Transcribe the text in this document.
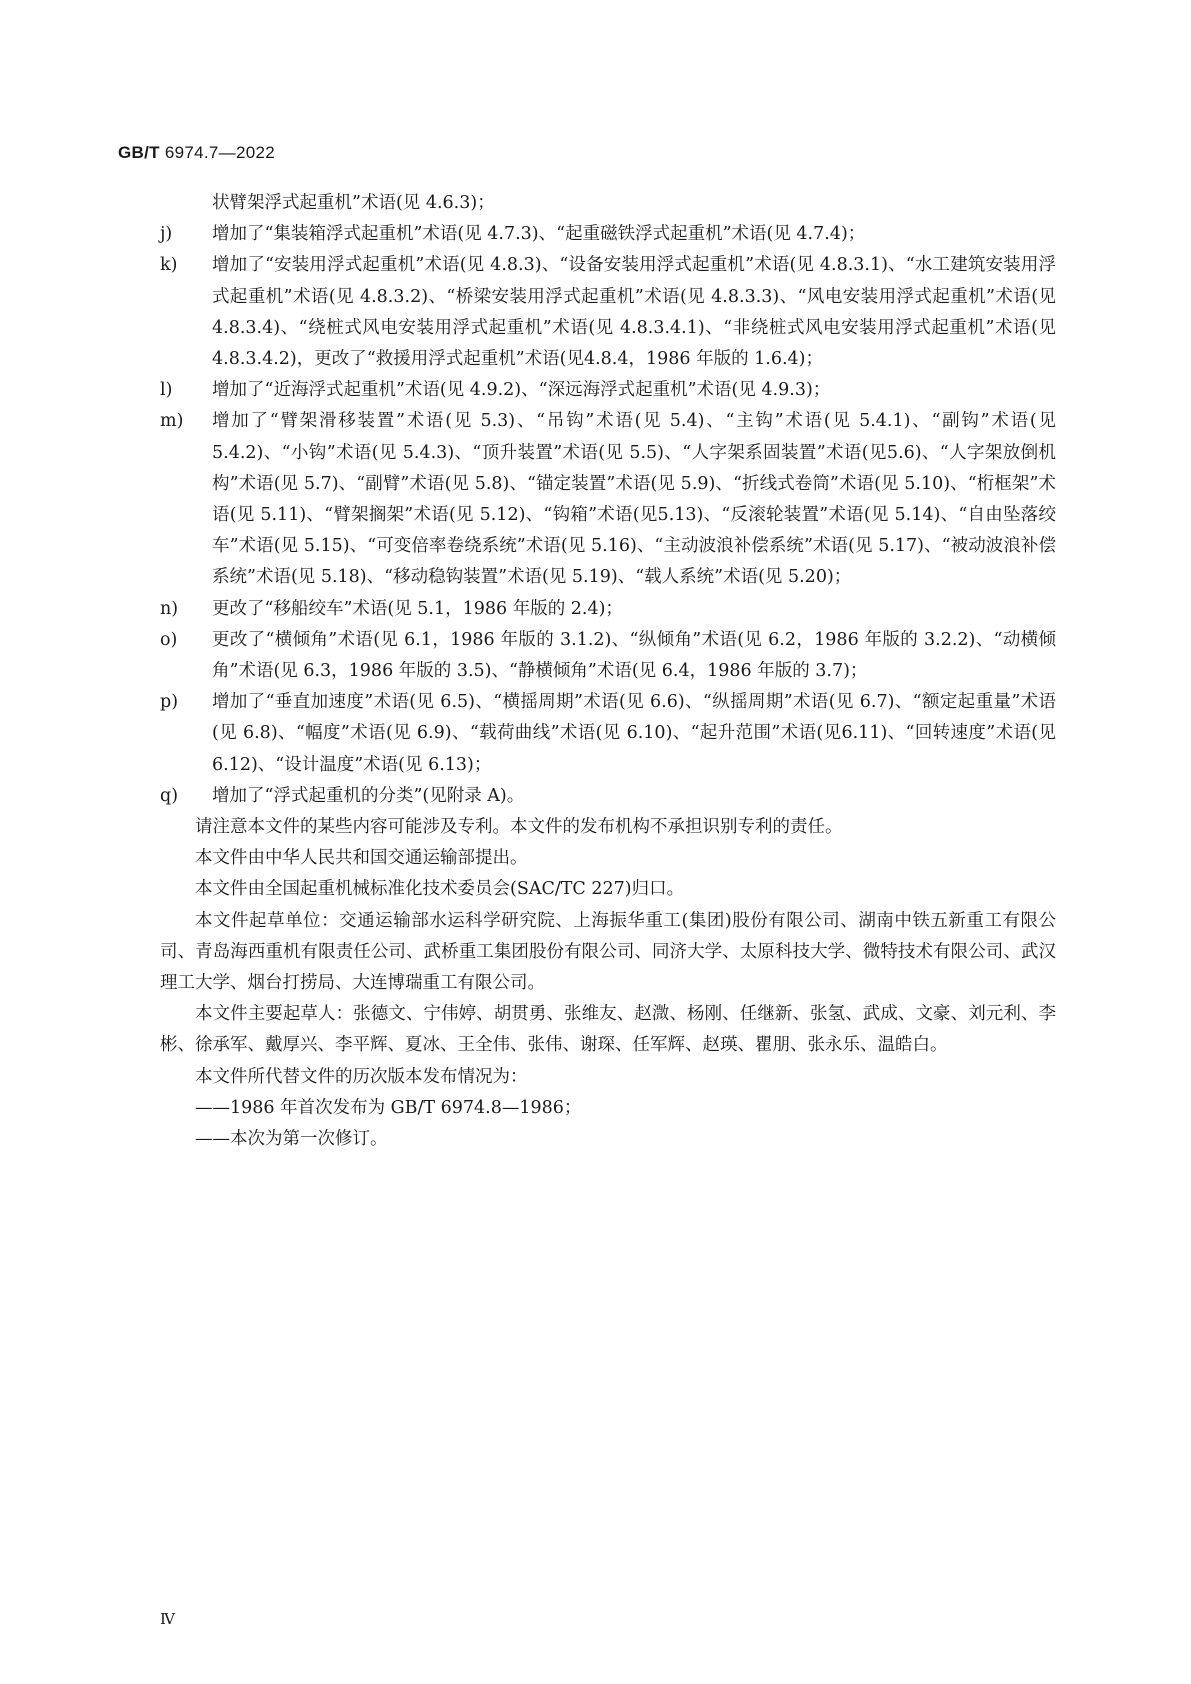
GB/T 6974.7—2022
状臂架浮式起重机”术语(见 4.6.3)；
j) 增加了“集装箱浮式起重机”术语(见 4.7.3)、“起重磁铁浮式起重机”术语(见 4.7.4)；
k) 增加了“安装用浮式起重机”术语(见 4.8.3)、“设备安装用浮式起重机”术语(见 4.8.3.1)、“水工建筑安装用浮式起重机”术语(见 4.8.3.2)、“桥梁安装用浮式起重机”术语(见 4.8.3.3)、“风电安装用浮式起重机”术语(见 4.8.3.4)、“绕桩式风电安装用浮式起重机”术语(见 4.8.3.4.1)、“非绕桩式风电安装用浮式起重机”术语(见 4.8.3.4.2)，更改了“救援用浮式起重机”术语(见4.8.4，1986 年版的 1.6.4)；
l) 增加了“近海浮式起重机”术语(见 4.9.2)、“深远海浮式起重机”术语(见 4.9.3)；
m) 增加了“臂架滑移装置”术语(见 5.3)、“吊钩”术语(见 5.4)、“主钩”术语(见 5.4.1)、“副钩”术语(见 5.4.2)、“小钩”术语(见 5.4.3)、“顶升装置”术语(见 5.5)、“人字架系固装置”术语(见5.6)、“人字架放倒机构”术语(见 5.7)、“副臂”术语(见 5.8)、“锚定装置”术语(见 5.9)、“折线式卷筒”术语(见 5.10)、“桁框架”术语(见 5.11)、“臂架搁架”术语(见 5.12)、“钩箱”术语(见5.13)、“反滚轮装置”术语(见 5.14)、“自由坠落绞车”术语(见 5.15)、“可变倍率卷绕系统”术语(见 5.16)、“主动波浪补偿系统”术语(见 5.17)、“被动波浪补偿系统”术语(见 5.18)、“移动稳钩装置”术语(见 5.19)、“载人系统”术语(见 5.20)；
n) 更改了“移船绞车”术语(见 5.1，1986 年版的 2.4)；
o) 更改了“横倾角”术语(见 6.1，1986 年版的 3.1.2)、“纵倾角”术语(见 6.2，1986 年版的 3.2.2)、“动横倾角”术语(见 6.3，1986 年版的 3.5)、“静横倾角”术语(见 6.4，1986 年版的 3.7)；
p) 增加了“垂直加速度”术语(见 6.5)、“横摇周期”术语(见 6.6)、“纵摇周期”术语(见 6.7)、“额定起重量”术语(见 6.8)、“幅度”术语(见 6.9)、“载荷曲线”术语(见 6.10)、“起升范围”术语(见6.11)、“回转速度”术语(见 6.12)、“设计温度”术语(见 6.13)；
q) 增加了“浮式起重机的分类”(见附录 A)。
请注意本文件的某些内容可能涉及专利。本文件的发布机构不承担识别专利的责任。
本文件由中华人民共和国交通运输部提出。
本文件由全国起重机械标准化技术委员会(SAC/TC 227)归口。
本文件起草单位：交通运输部水运科学研究院、上海振华重工(集团)股份有限公司、湖南中铁五新重工有限公司、青岛海西重机有限责任公司、武桥重工集团股份有限公司、同济大学、太原科技大学、微特技术有限公司、武汉理工大学、烟台打捞局、大连博瑞重工有限公司。
本文件主要起草人：张德文、宁伟婷、胡贯勇、张维友、赵溦、杨刚、任继新、张氢、武成、文豪、刘元利、李彬、徐承军、戴厚兴、李平辉、夏冰、王全伟、张伟、谢琛、任军辉、赵瑛、瞿朋、张永乐、温皓白。
本文件所代替文件的历次版本发布情况为：
——1986 年首次发布为 GB/T 6974.8—1986；
——本次为第一次修订。
Ⅳ
